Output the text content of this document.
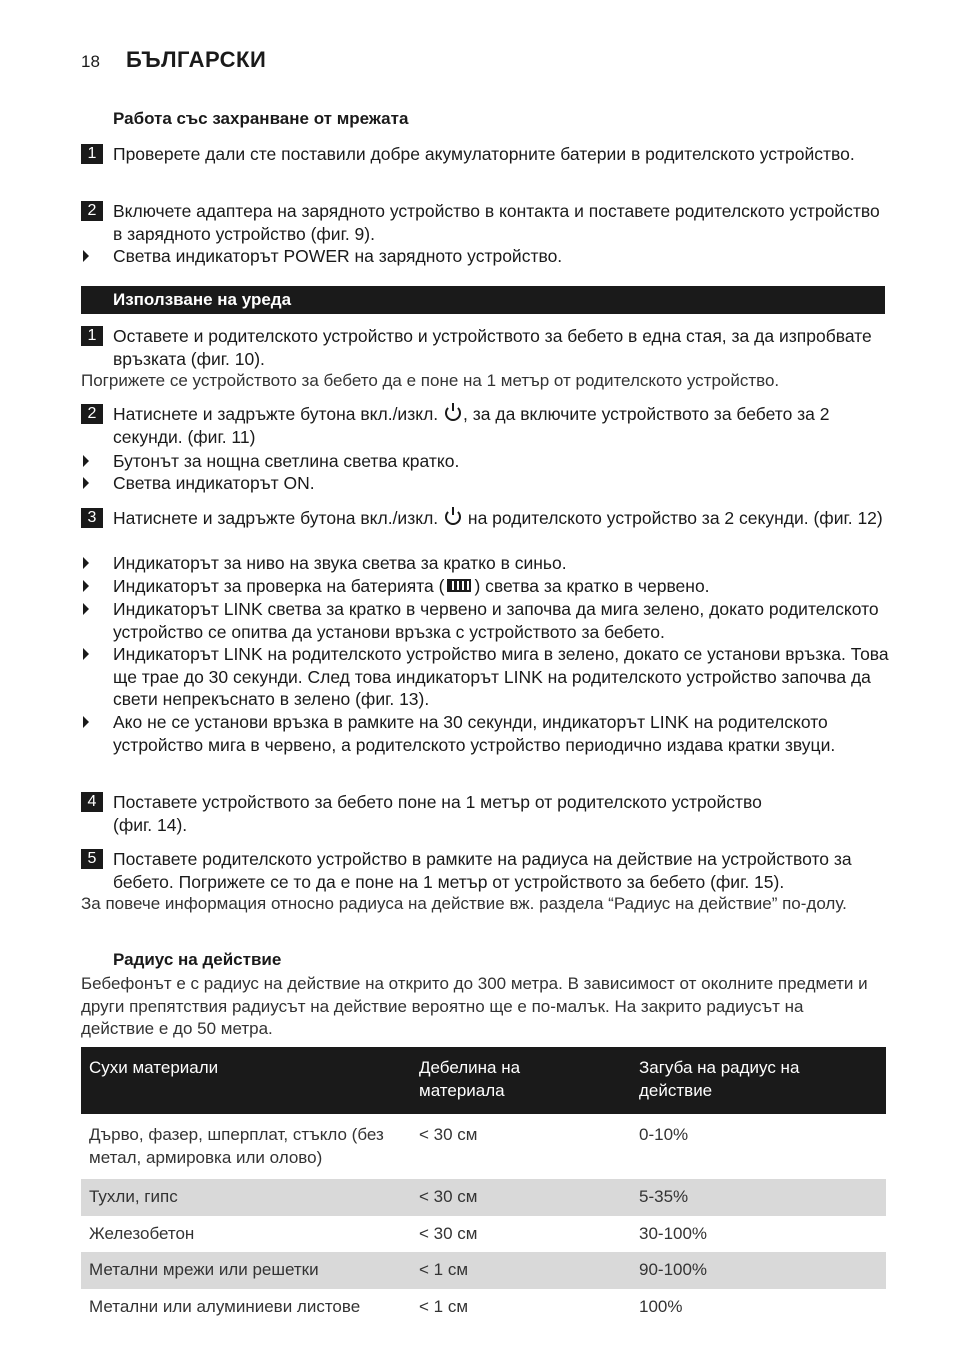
18 БЪЛГАРСКИ
Работа със захранване от мрежата
1 Проверете дали сте поставили добре акумулаторните батерии в родителското устройство.
2 Включете адаптера на зарядното устройство в контакта и поставете родителското устройство в зарядното устройство (фиг. 9).
Светва индикаторът POWER на зарядното устройство.
Използване на уреда
1 Оставете и родителското устройство и устройството за бебето в една стая, за да изпробвате връзката (фиг. 10).
Погрижете се устройството за бебето да е поне на 1 метър от родителското устройство.
2 Натиснете и задръжте бутона вкл./изкл. , за да включите устройството за бебето за 2 секунди. (фиг. 11)
Бутонът за нощна светлина светва кратко.
Светва индикаторът ON.
3 Натиснете и задръжте бутона вкл./изкл.  на родителското устройство за 2 секунди. (фиг. 12)
Индикаторът за ниво на звука светва за кратко в синьо.
Индикаторът за проверка на батерията ( ) светва за кратко в червено.
Индикаторът LINK светва за кратко в червено и започва да мига зелено, докато родителското устройство се опитва да установи връзка с устройството за бебето.
Индикаторът LINK на родителското устройство мига в зелено, докато се установи връзка. Това ще трае до 30 секунди. След това индикаторът LINK на родителското устройство започва да свети непрекъснато в зелено (фиг. 13).
Ако не се установи връзка в рамките на 30 секунди, индикаторът LINK на родителското устройство мига в червено, а родителското устройство периодично издава кратки звуци.
4 Поставете устройството за бебето поне на 1 метър от родителското устройство (фиг. 14).
5 Поставете родителското устройство в рамките на радиуса на действие на устройството за бебето. Погрижете се то да е поне на 1 метър от устройството за бебето (фиг. 15).
За повече информация относно радиуса на действие вж. раздела “Радиус на действие” по-долу.
Радиус на действие
Бебефонът е с радиус на действие на открито до 300 метра. В зависимост от околните предмети и други препятствия радиусът на действие вероятно ще е по-малък. На закрито радиусът на действие е до 50 метра.
Сухи материали	Дебелина на материала	Загуба на радиус на действие
Дърво, фазер, шперплат, стъкло (без метал, армировка или олово)	< 30 см	0-10%
Тухли, гипс	< 30 см	5-35%
Железобетон	< 30 см	30-100%
Метални мрежи или решетки	< 1 см	90-100%
Метални или алуминиеви листове	< 1 см	100%
